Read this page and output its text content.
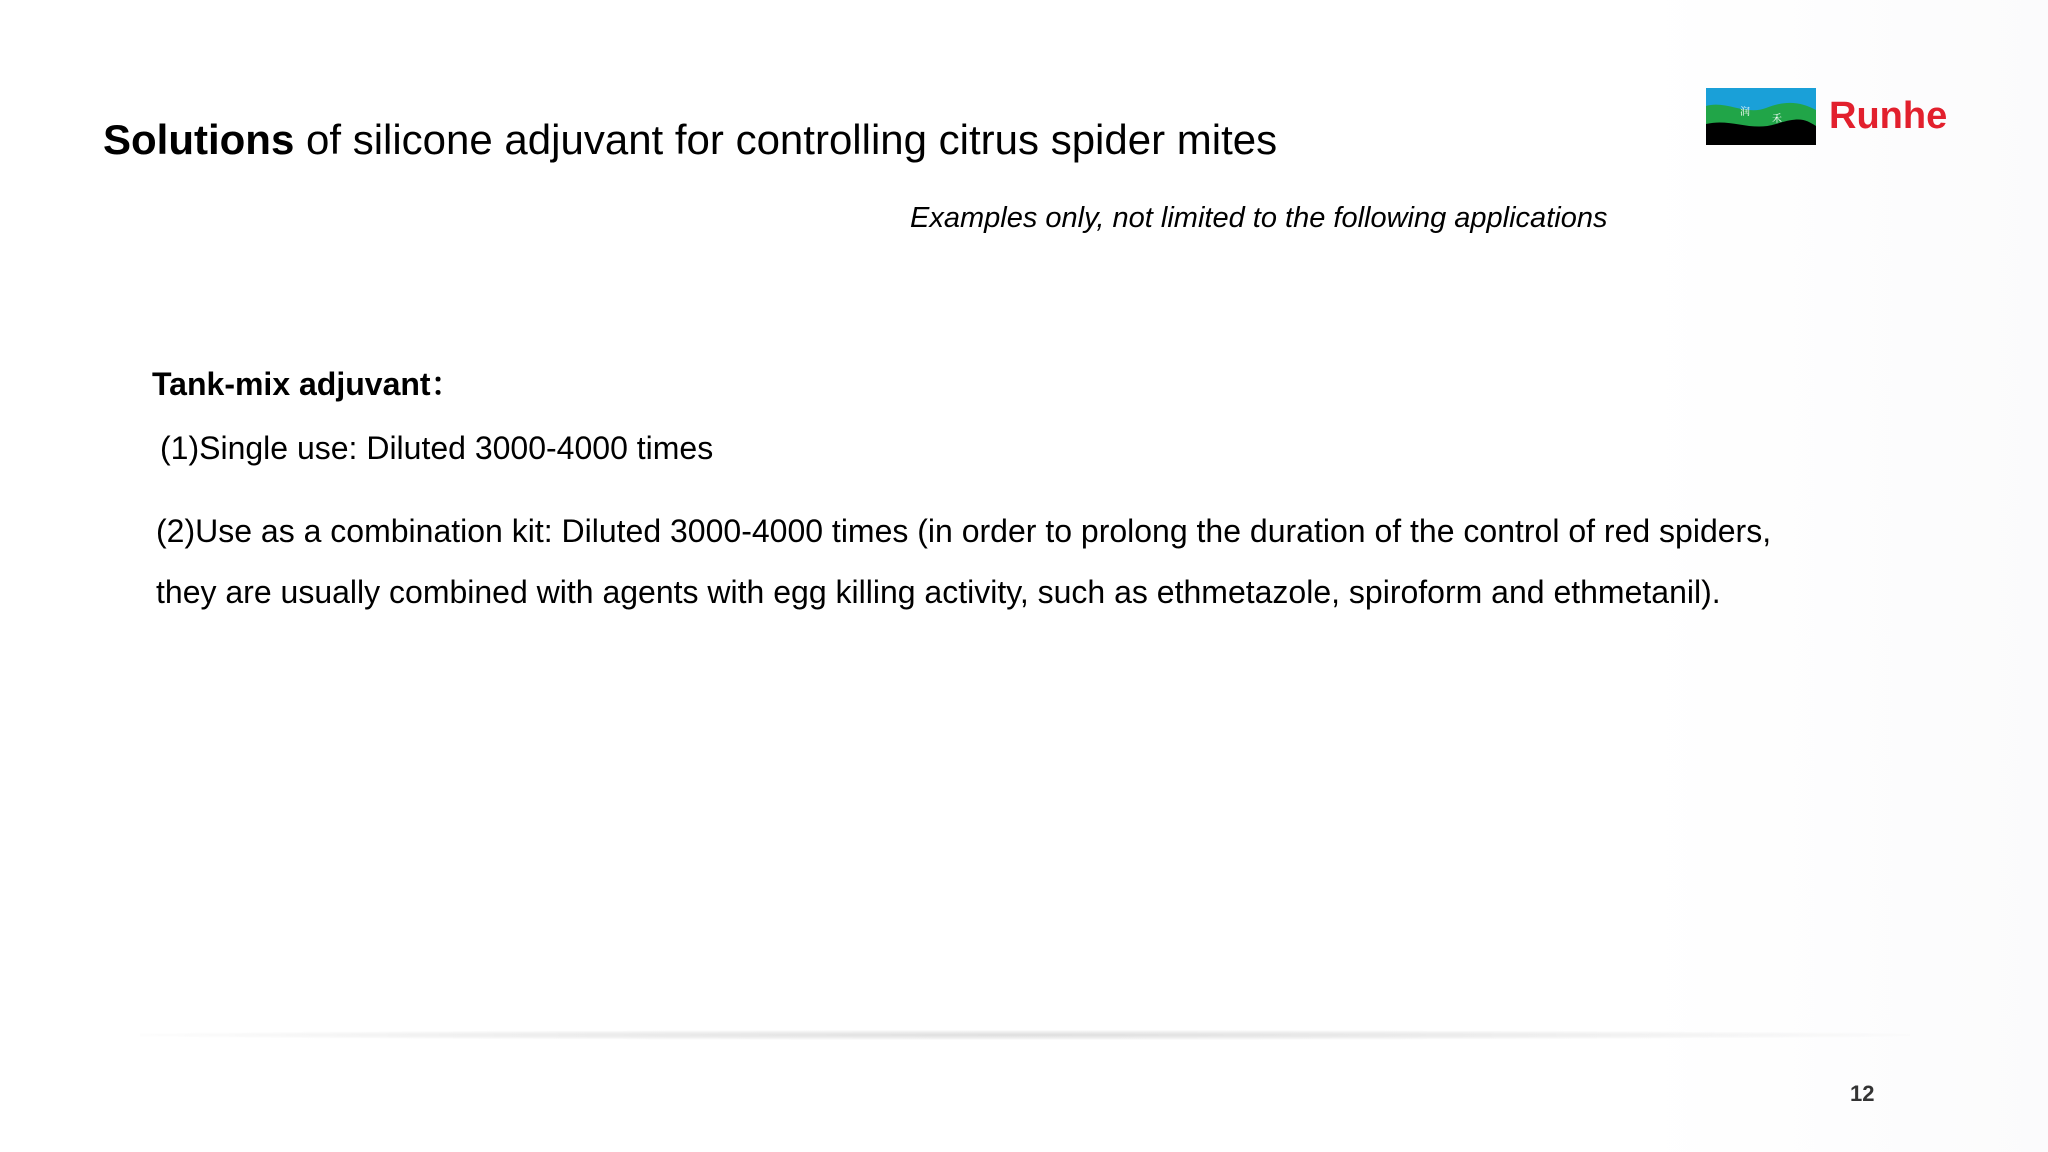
Solutions of silicone adjuvant for controlling citrus spider mites
Examples only, not limited to the following applications
润
禾 Runhe

Tank-mix adjuvant：

(1)Single use: Diluted 3000-4000 times

(2)Use as a combination kit: Diluted 3000-4000 times (in order to prolong the duration of the control of red spiders, they are usually combined with agents with egg killing activity, such as ethmetazole, spiroform and ethmetanil).

12
